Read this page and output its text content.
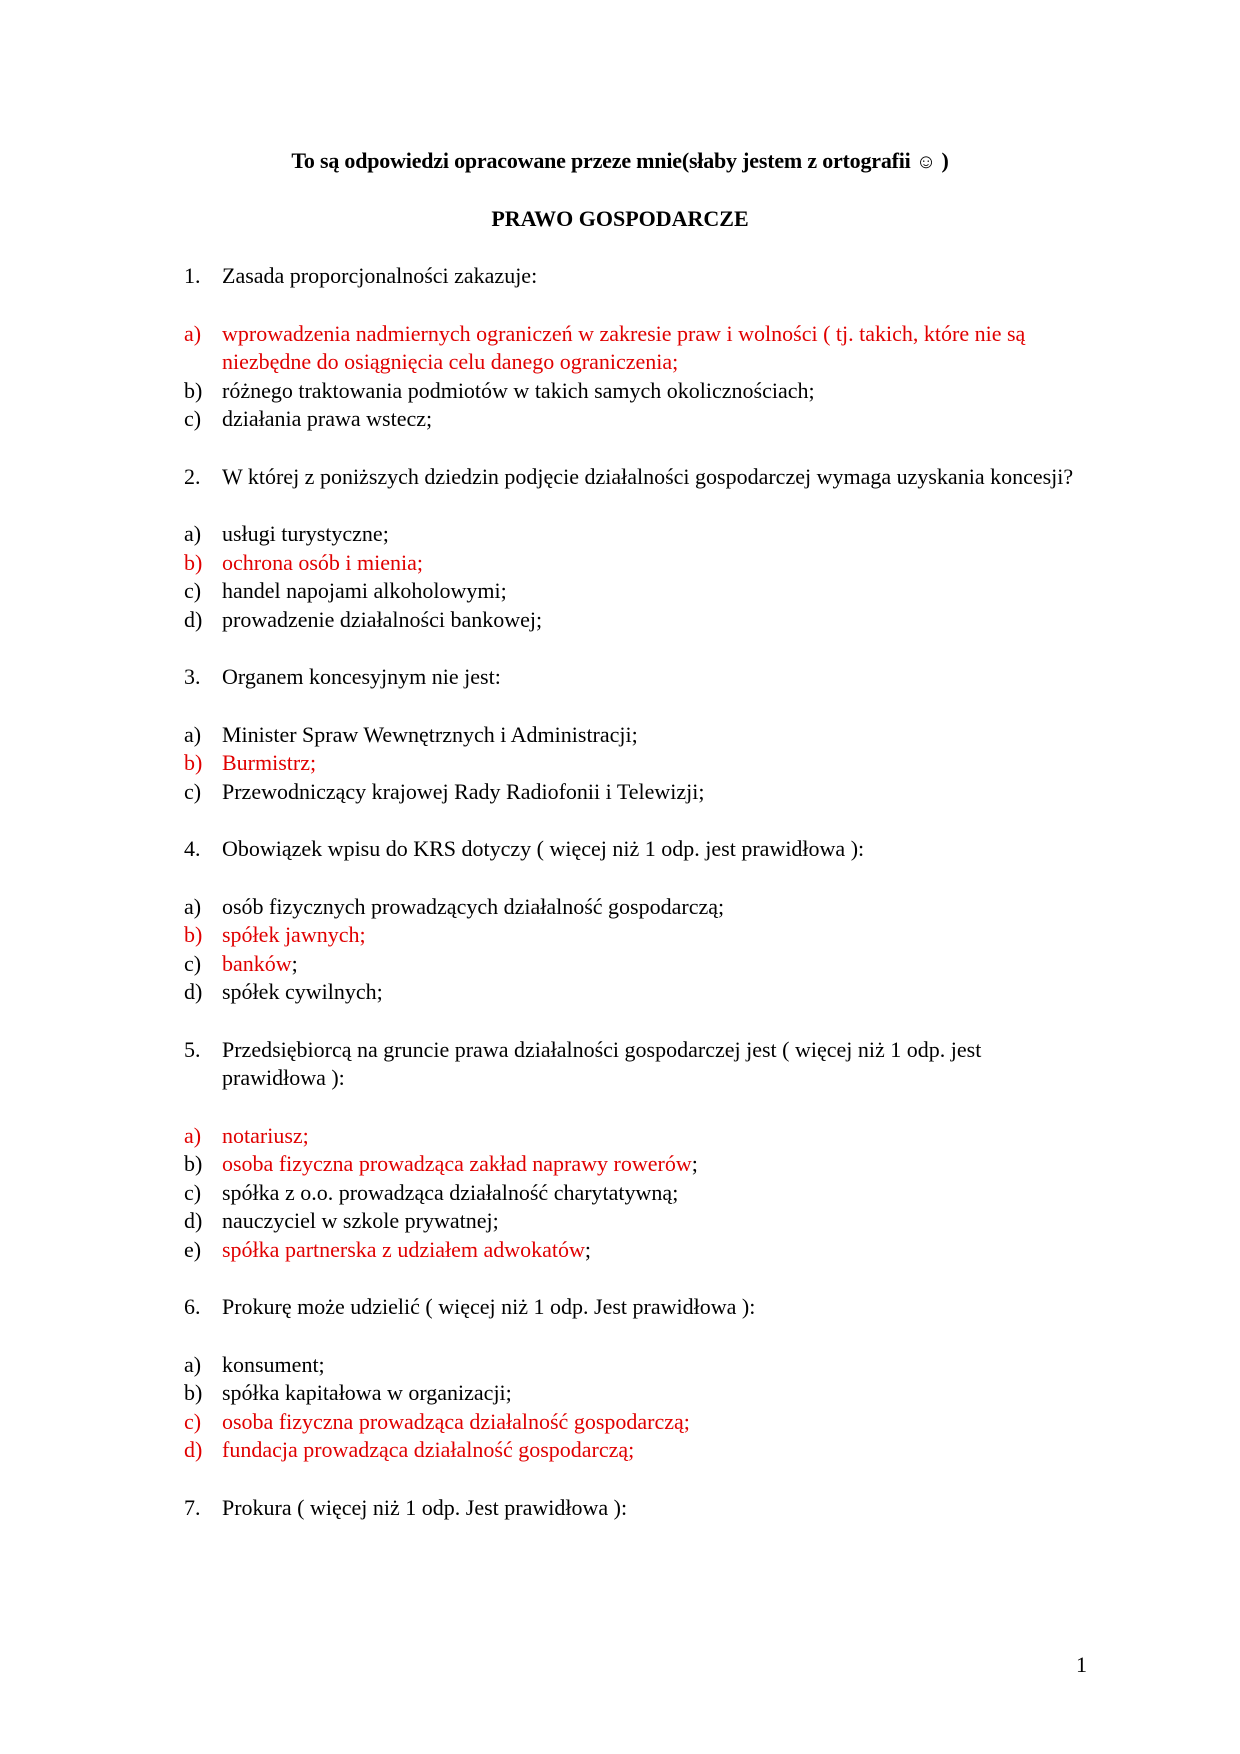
To są odpowiedzi opracowane przeze mnie(słaby jestem z ortografii ☺ )
PRAWO GOSPODARCZE
1. Zasada proporcjonalności zakazuje:
a) wprowadzenia nadmiernych ograniczeń w zakresie praw i wolności ( tj. takich, które nie są niezbędne do osiągnięcia celu danego ograniczenia;
b) różnego traktowania podmiotów w takich samych okolicznościach;
c) działania prawa wstecz;
2. W której z poniższych dziedzin podjęcie działalności gospodarczej wymaga uzyskania koncesji?
a) usługi turystyczne;
b) ochrona osób i mienia;
c) handel napojami alkoholowymi;
d) prowadzenie działalności bankowej;
3. Organem koncesyjnym nie jest:
a) Minister Spraw Wewnętrznych i Administracji;
b) Burmistrz;
c) Przewodniczący krajowej Rady Radiofonii i Telewizji;
4. Obowiązek wpisu do KRS dotyczy ( więcej niż 1 odp. jest prawidłowa ):
a) osób fizycznych prowadzących działalność gospodarczą;
b) spółek jawnych;
c) banków;
d) spółek cywilnych;
5. Przedsiębiorcą na gruncie prawa działalności gospodarczej jest ( więcej niż 1 odp. jest prawidłowa ):
a) notariusz;
b) osoba fizyczna prowadząca zakład naprawy rowerów;
c) spółka z o.o. prowadząca działalność charytatywną;
d) nauczyciel w szkole prywatnej;
e) spółka partnerska z udziałem adwokatów;
6. Prokurę może udzielić ( więcej niż 1 odp. Jest prawidłowa ):
a) konsument;
b) spółka kapitałowa w organizacji;
c) osoba fizyczna prowadząca działalność gospodarczą;
d) fundacja prowadząca działalność gospodarczą;
7. Prokura ( więcej niż 1 odp. Jest prawidłowa ):
1
